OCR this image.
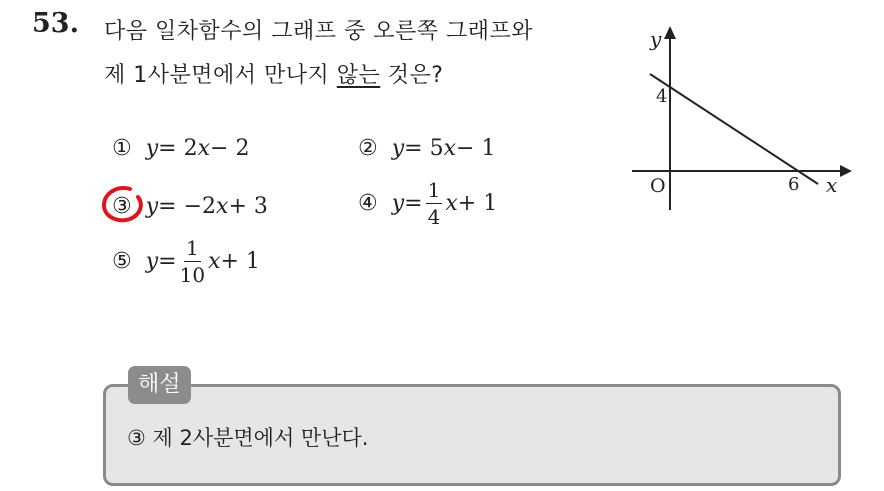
53. 다음 일차함수의 그래프 중 오른쪽 그래프와
제 1사분면에서 만나지 않는 것은?
① y = 2 x − 2	② y = 5 x − 1
③ y = −2 x + 3	④ $y = \frac{1}{4}$ x + 1
⑤ $y = \frac{1}{10}$ x + 1
y
x
O
4
6
해설
③ 제 2사분면에서 만난다.
